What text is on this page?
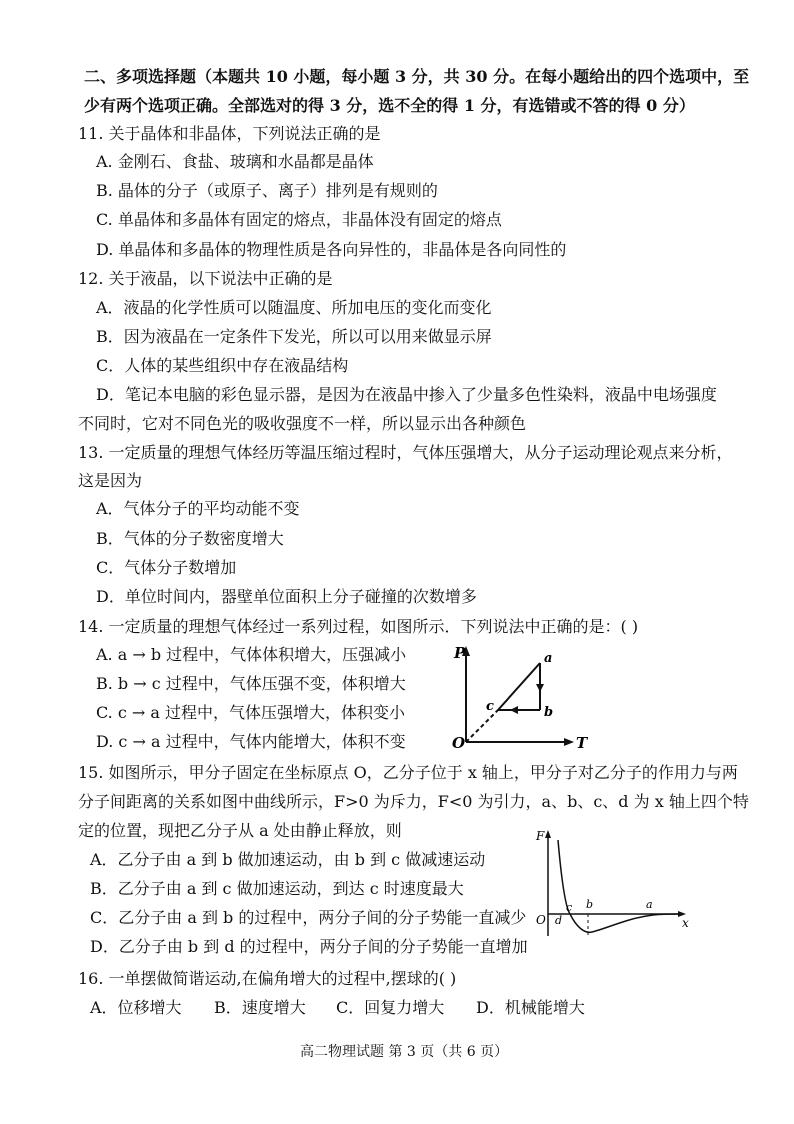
二、多项选择题（本题共 10 小题，每小题 3 分，共 30 分。在每小题给出的四个选项中，至
少有两个选项正确。全部选对的得 3 分，选不全的得 1 分，有选错或不答的得 0 分）
11. 关于晶体和非晶体，下列说法正确的是
A. 金刚石、食盐、玻璃和水晶都是晶体
B. 晶体的分子（或原子、离子）排列是有规则的
C. 单晶体和多晶体有固定的熔点，非晶体没有固定的熔点
D. 单晶体和多晶体的物理性质是各向异性的，非晶体是各向同性的
12. 关于液晶，以下说法中正确的是
A．液晶的化学性质可以随温度、所加电压的变化而变化
B．因为液晶在一定条件下发光，所以可以用来做显示屏
C．人体的某些组织中存在液晶结构
D．笔记本电脑的彩色显示器，是因为在液晶中掺入了少量多色性染料，液晶中电场强度
不同时，它对不同色光的吸收强度不一样，所以显示出各种颜色
13. 一定质量的理想气体经历等温压缩过程时，气体压强增大，从分子运动理论观点来分析，
这是因为
A．气体分子的平均动能不变
B．气体的分子数密度增大
C．气体分子数增加
D．单位时间内，器壁单位面积上分子碰撞的次数增多
14. 一定质量的理想气体经过一系列过程，如图所示．下列说法中正确的是：( )
A. a → b 过程中，气体体积增大，压强减小
B. b → c 过程中，气体压强不变，体积增大
C. c → a 过程中，气体压强增大，体积变小
D. c → a 过程中，气体内能增大，体积不变
P
T
O
a
b
c
15. 如图所示，甲分子固定在坐标原点 O，乙分子位于 x 轴上，甲分子对乙分子的作用力与两
分子间距离的关系如图中曲线所示，F>0 为斥力，F<0 为引力，a、b、c、d 为 x 轴上四个特
定的位置，现把乙分子从 a 处由静止释放，则
A．乙分子由 a 到 b 做加速运动，由 b 到 c 做减速运动
B．乙分子由 a 到 c 做加速运动，到达 c 时速度最大
C．乙分子由 a 到 b 的过程中，两分子间的分子势能一直减少
D．乙分子由 b 到 d 的过程中，两分子间的分子势能一直增加
F
x
O d
c b	a
16. 一单摆做简谐运动,在偏角增大的过程中,摆球的( )
A．位移增大 B．速度增大 C．回复力增大 D．机械能增大
高二物理试题 第 3 页（共 6 页）
